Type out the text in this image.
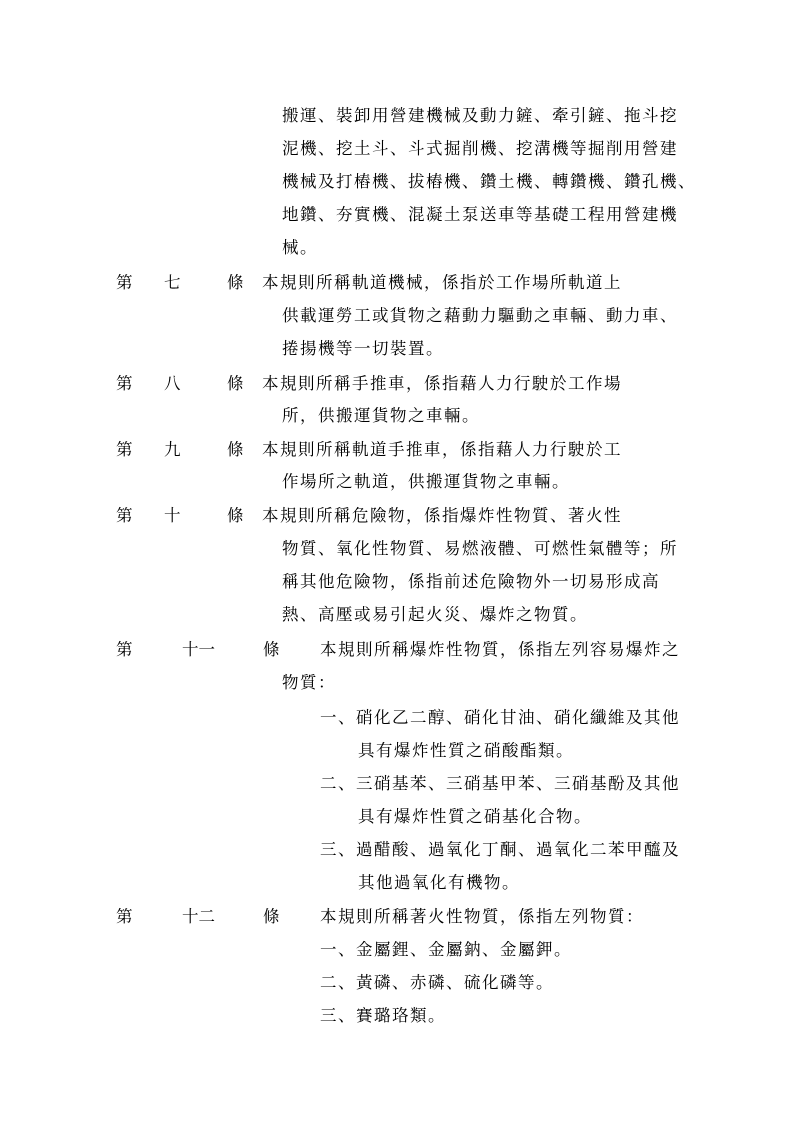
搬運、裝卸用營建機械及動力鏟、牽引鏟、拖斗挖
泥機、挖土斗、斗式掘削機、挖溝機等掘削用營建
機械及打樁機、拔樁機、鑽土機、轉鑽機、鑽孔機、
地鑽、夯實機、混凝土泵送車等基礎工程用營建機
械。
第 七	條 本規則所稱軌道機械，係指於工作場所軌道上
供載運勞工或貨物之藉動力驅動之車輛、動力車、
捲揚機等一切裝置。
第 八	條 本規則所稱手推車，係指藉人力行駛於工作場
所，供搬運貨物之車輛。
第 九	條 本規則所稱軌道手推車，係指藉人力行駛於工
作場所之軌道，供搬運貨物之車輛。
第 十	條 本規則所稱危險物，係指爆炸性物質、著火性
物質、氧化性物質、易燃液體、可燃性氣體等；所
稱其他危險物，係指前述危險物外一切易形成高
熱、高壓或易引起火災、爆炸之物質。
第	十一	條 本規則所稱爆炸性物質，係指左列容易爆炸之
物質：
一、硝化乙二醇、硝化甘油、硝化纖維及其他
具有爆炸性質之硝酸酯類。
二、三硝基苯、三硝基甲苯、三硝基酚及其他
具有爆炸性質之硝基化合物。
三、過醋酸、過氧化丁酮、過氧化二苯甲醯及
其他過氧化有機物。
第	十二	條 本規則所稱著火性物質，係指左列物質：
一、金屬鋰、金屬鈉、金屬鉀。
二、黃磷、赤磷、硫化磷等。
三、賽璐珞類。
